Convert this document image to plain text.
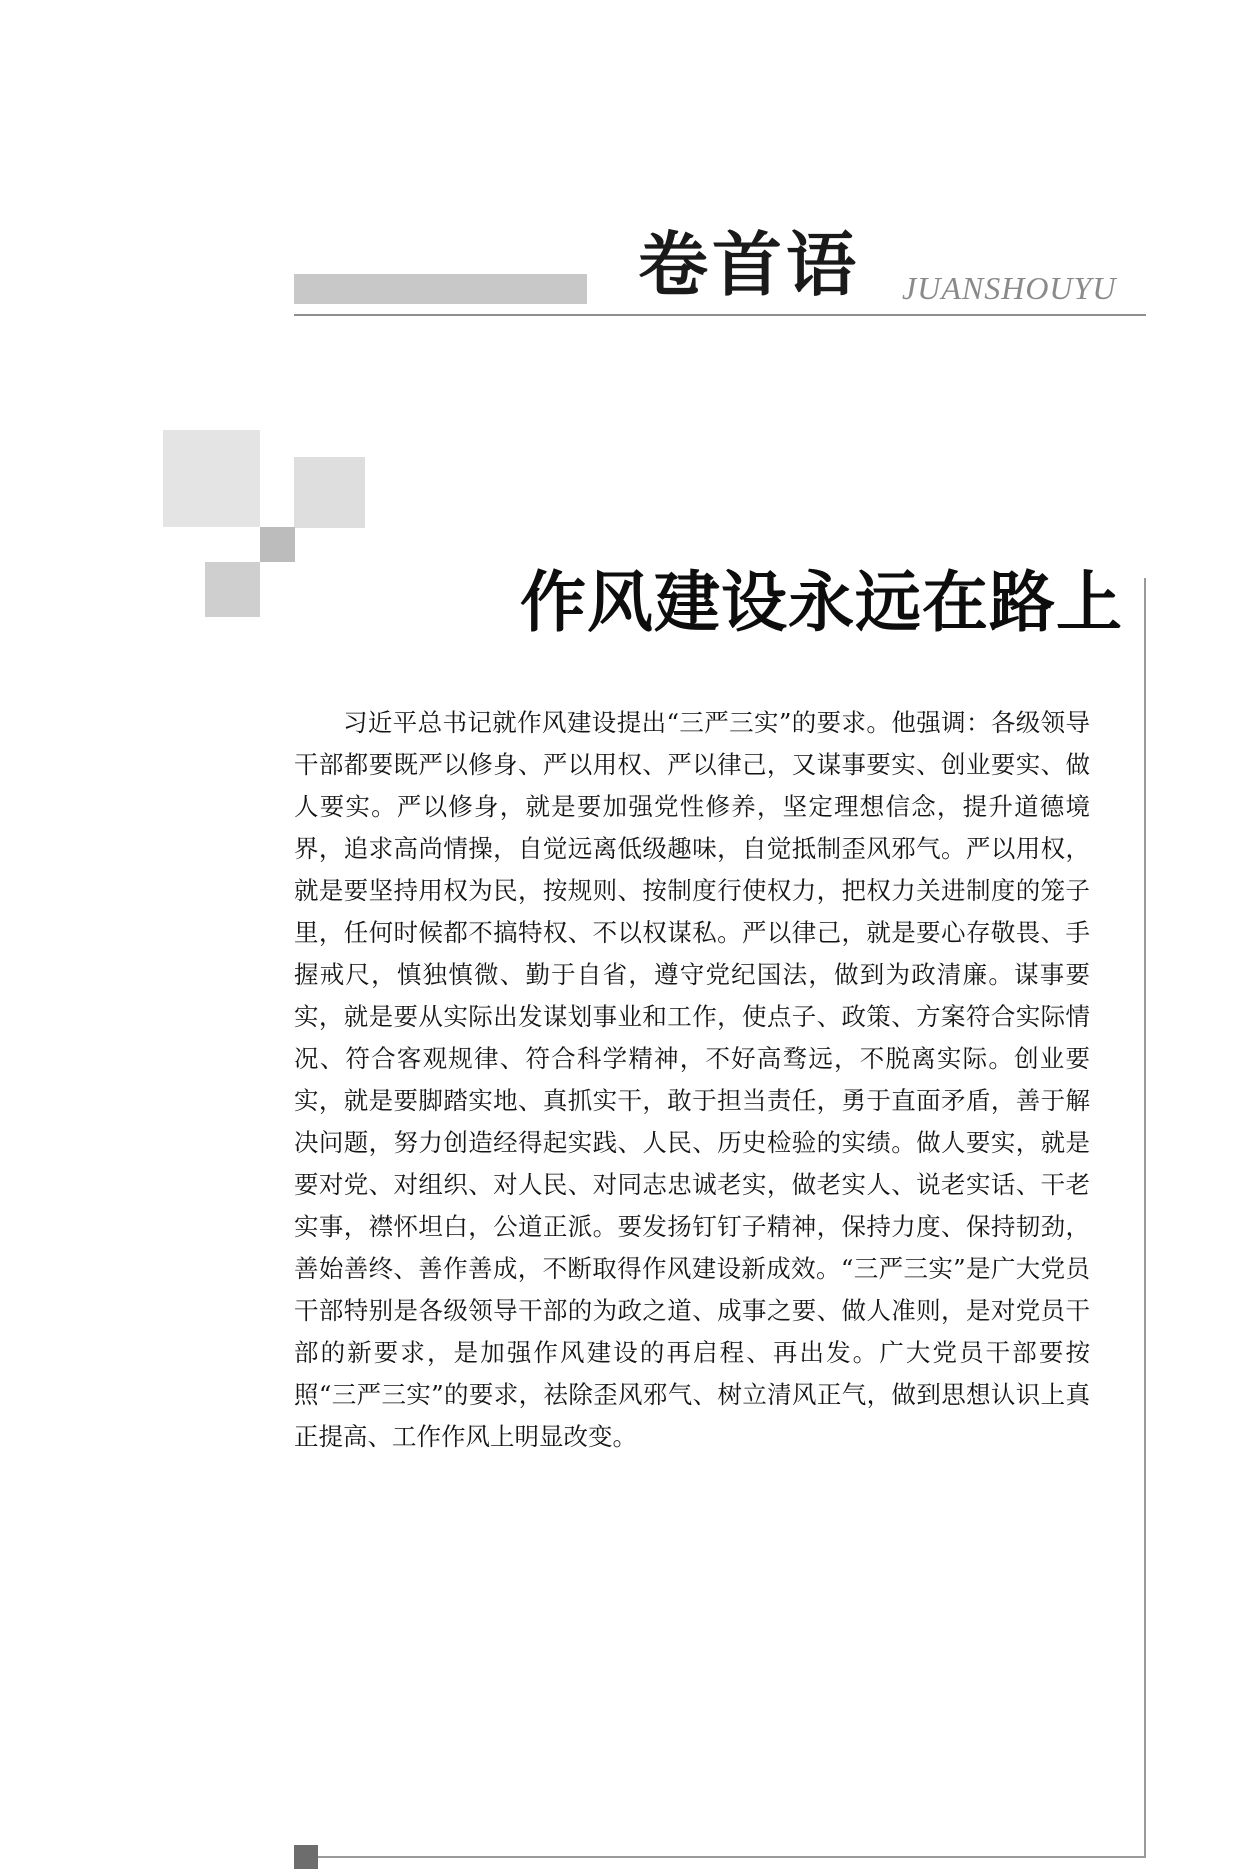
卷首语 JUANSHOUYU
作风建设永远在路上

习近平总书记就作风建设提出“三严三实”的要求。他强调：各级领导干部都要既严以修身、严以用权、严以律己，又谋事要实、创业要实、做人要实。严以修身，就是要加强党性修养，坚定理想信念，提升道德境界，追求高尚情操，自觉远离低级趣味，自觉抵制歪风邪气。严以用权，就是要坚持用权为民，按规则、按制度行使权力，把权力关进制度的笼子里，任何时候都不搞特权、不以权谋私。严以律己，就是要心存敬畏、手握戒尺，慎独慎微、勤于自省，遵守党纪国法，做到为政清廉。谋事要实，就是要从实际出发谋划事业和工作，使点子、政策、方案符合实际情况、符合客观规律、符合科学精神，不好高骛远，不脱离实际。创业要实，就是要脚踏实地、真抓实干，敢于担当责任，勇于直面矛盾，善于解决问题，努力创造经得起实践、人民、历史检验的实绩。做人要实，就是要对党、对组织、对人民、对同志忠诚老实，做老实人、说老实话、干老实事，襟怀坦白，公道正派。要发扬钉钉子精神，保持力度、保持韧劲，善始善终、善作善成，不断取得作风建设新成效。“三严三实”是广大党员干部特别是各级领导干部的为政之道、成事之要、做人准则，是对党员干部的新要求，是加强作风建设的再启程、再出发。广大党员干部要按照“三严三实”的要求，祛除歪风邪气、树立清风正气，做到思想认识上真正提高、工作作风上明显改变。
